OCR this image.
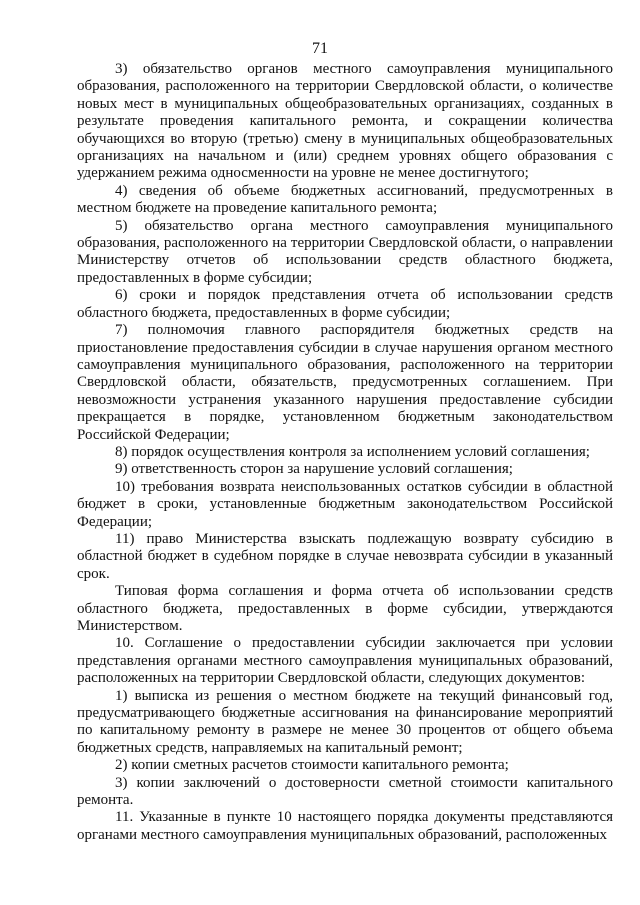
71

3) обязательство органов местного самоуправления муниципального образования, расположенного на территории Свердловской области, о количестве новых мест в муниципальных общеобразовательных организациях, созданных в результате проведения капитального ремонта, и сокращении количества обучающихся во вторую (третью) смену в муниципальных общеобразовательных организациях на начальном и (или) среднем уровнях общего образования с удержанием режима односменности на уровне не менее достигнутого;

4) сведения об объеме бюджетных ассигнований, предусмотренных в местном бюджете на проведение капитального ремонта;

5) обязательство органа местного самоуправления муниципального образования, расположенного на территории Свердловской области, о направлении Министерству отчетов об использовании средств областного бюджета, предоставленных в форме субсидии;

6) сроки и порядок представления отчета об использовании средств областного бюджета, предоставленных в форме субсидии;

7) полномочия главного распорядителя бюджетных средств на приостановление предоставления субсидии в случае нарушения органом местного самоуправления муниципального образования, расположенного на территории Свердловской области, обязательств, предусмотренных соглашением. При невозможности устранения указанного нарушения предоставление субсидии прекращается в порядке, установленном бюджетным законодательством Российской Федерации;

8) порядок осуществления контроля за исполнением условий соглашения;

9) ответственность сторон за нарушение условий соглашения;

10) требования возврата неиспользованных остатков субсидии в областной бюджет в сроки, установленные бюджетным законодательством Российской Федерации;

11) право Министерства взыскать подлежащую возврату субсидию в областной бюджет в судебном порядке в случае невозврата субсидии в указанный срок.

Типовая форма соглашения и форма отчета об использовании средств областного бюджета, предоставленных в форме субсидии, утверждаются Министерством.

10. Соглашение о предоставлении субсидии заключается при условии представления органами местного самоуправления муниципальных образований, расположенных на территории Свердловской области, следующих документов:

1) выписка из решения о местном бюджете на текущий финансовый год, предусматривающего бюджетные ассигнования на финансирование мероприятий по капитальному ремонту в размере не менее 30 процентов от общего объема бюджетных средств, направляемых на капитальный ремонт;

2) копии сметных расчетов стоимости капитального ремонта;

3) копии заключений о достоверности сметной стоимости капитального ремонта.

11. Указанные в пункте 10 настоящего порядка документы представляются органами местного самоуправления муниципальных образований, расположенных
